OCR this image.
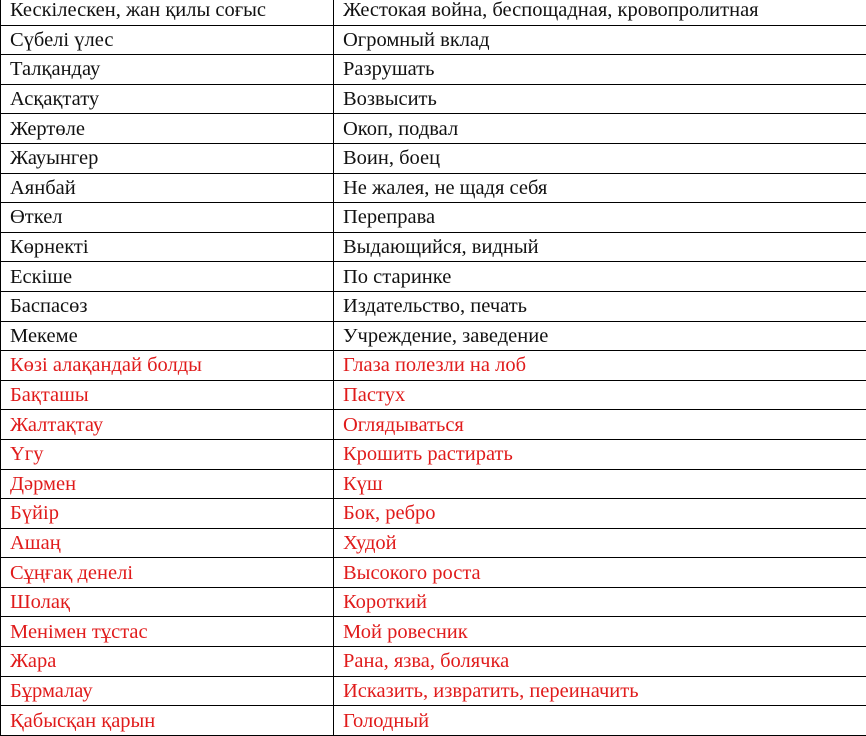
Кескілескен, жан қилы соғыс	Жестокая война, беспощадная, кровопролитная
Сүбелі үлес	Огромный вклад
Талқандау	Разрушать
Асқақтату	Возвысить
Жертөле	Окоп, подвал
Жауынгер	Воин, боец
Аянбай	Не жалея, не щадя себя
Өткел	Переправа
Көрнекті	Выдающийся, видный
Ескіше	По старинке
Баспасөз	Издательство, печать
Мекеме	Учреждение, заведение
Көзі алақандай болды	Глаза полезли на лоб
Бақташы	Пастух
Жалтақтау	Оглядываться
Үгу	Крошить растирать
Дәрмен	Күш
Бүйір	Бок, ребро
Ашаң	Худой
Сұңғақ денелі	Высокого роста
Шолақ	Короткий
Менімен тұстас	Мой ровесник
Жара	Рана, язва, болячка
Бұрмалау	Исказить, извратить, переиначить
Қабысқан қарын	Голодный
